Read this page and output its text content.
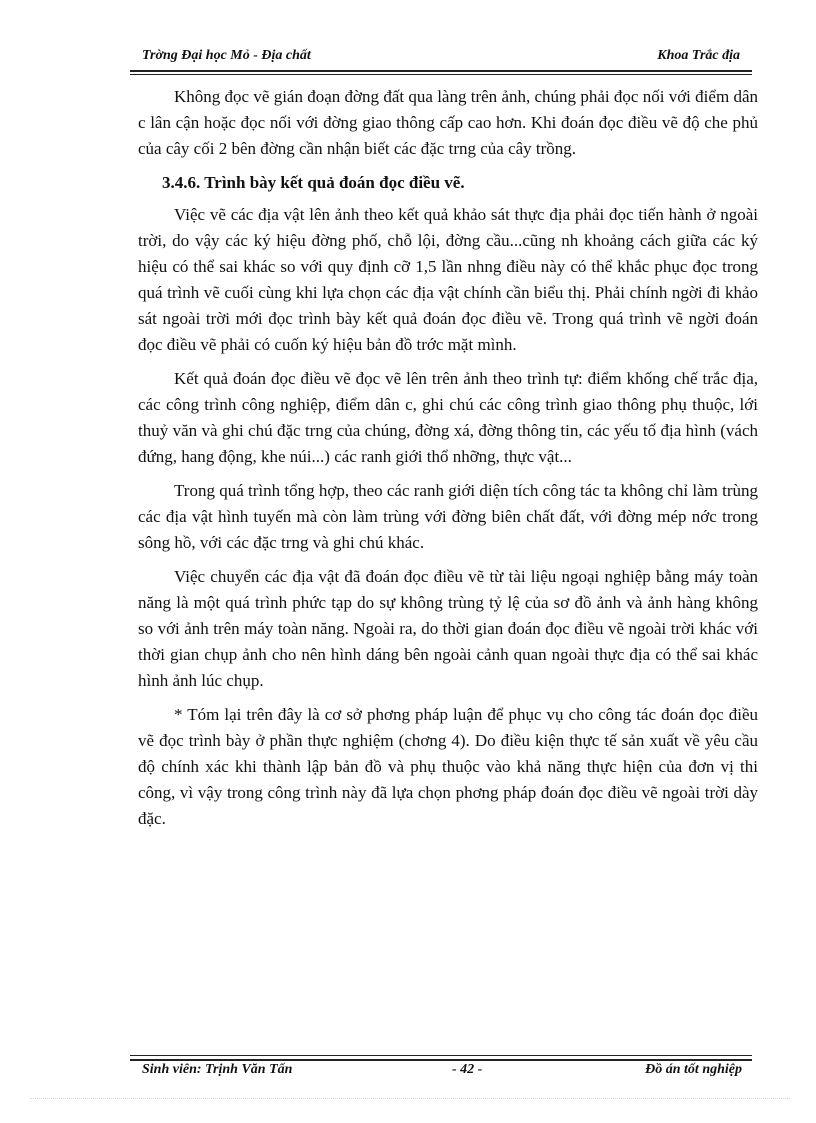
Trờng Đại học Mỏ - Địa chất	Khoa Trắc địa

Không đọc vẽ gián đoạn đờng đất qua làng trên ảnh, chúng phải đọc nối với điểm dân c lân cận hoặc đọc nối với đờng giao thông cấp cao hơn. Khi đoán đọc điều vẽ độ che phủ của cây cối 2 bên đờng cần nhận biết các đặc trng của cây trồng.

3.4.6. Trình bày kết quả đoán đọc điều vẽ.

Việc vẽ các địa vật lên ảnh theo kết quả khảo sát thực địa phải đọc tiến hành ở ngoài trời, do vậy các ký hiệu đờng phố, chỗ lội, đờng cầu...cũng nh khoảng cách giữa các ký hiệu có thể sai khác so với quy định cỡ 1,5 lần nhng điều này có thể khắc phục đọc trong quá trình vẽ cuối cùng khi lựa chọn các địa vật chính cần biểu thị. Phải chính ngời đi khảo sát ngoài trời mới đọc trình bày kết quả đoán đọc điều vẽ. Trong quá trình vẽ ngời đoán đọc điều vẽ phải có cuốn ký hiệu bản đồ trớc mặt mình.

Kết quả đoán đọc điều vẽ đọc vẽ lên trên ảnh theo trình tự: điểm khống chế trắc địa, các công trình công nghiệp, điểm dân c, ghi chú các công trình giao thông phụ thuộc, lới thuỷ văn và ghi chú đặc trng của chúng, đờng xá, đờng thông tin, các yếu tố địa hình (vách đứng, hang động, khe núi...) các ranh giới thổ nhỡng, thực vật...

Trong quá trình tổng hợp, theo các ranh giới diện tích công tác ta không chỉ làm trùng các địa vật hình tuyến mà còn làm trùng với đờng biên chất đất, với đờng mép nớc trong sông hồ, với các đặc trng và ghi chú khác.

Việc chuyển các địa vật đã đoán đọc điều vẽ từ tài liệu ngoại nghiệp bằng máy toàn năng là một quá trình phức tạp do sự không trùng tỷ lệ của sơ đồ ảnh và ảnh hàng không so với ảnh trên máy toàn năng. Ngoài ra, do thời gian đoán đọc điều vẽ ngoài trời khác với thời gian chụp ảnh cho nên hình dáng bên ngoài cảnh quan ngoài thực địa có thể sai khác hình ảnh lúc chụp.

* Tóm lại trên đây là cơ sở phơng pháp luận để phục vụ cho công tác đoán đọc điều vẽ đọc trình bày ở phần thực nghiệm (chơng 4). Do điều kiện thực tế sản xuất về yêu cầu độ chính xác khi thành lập bản đồ và phụ thuộc vào khả năng thực hiện của đơn vị thi công, vì vậy trong công trình này đã lựa chọn phơng pháp đoán đọc điều vẽ ngoài trời dày đặc.

Sinh viên: Trịnh Văn Tấn	- 42 -	Đồ án tốt nghiệp
